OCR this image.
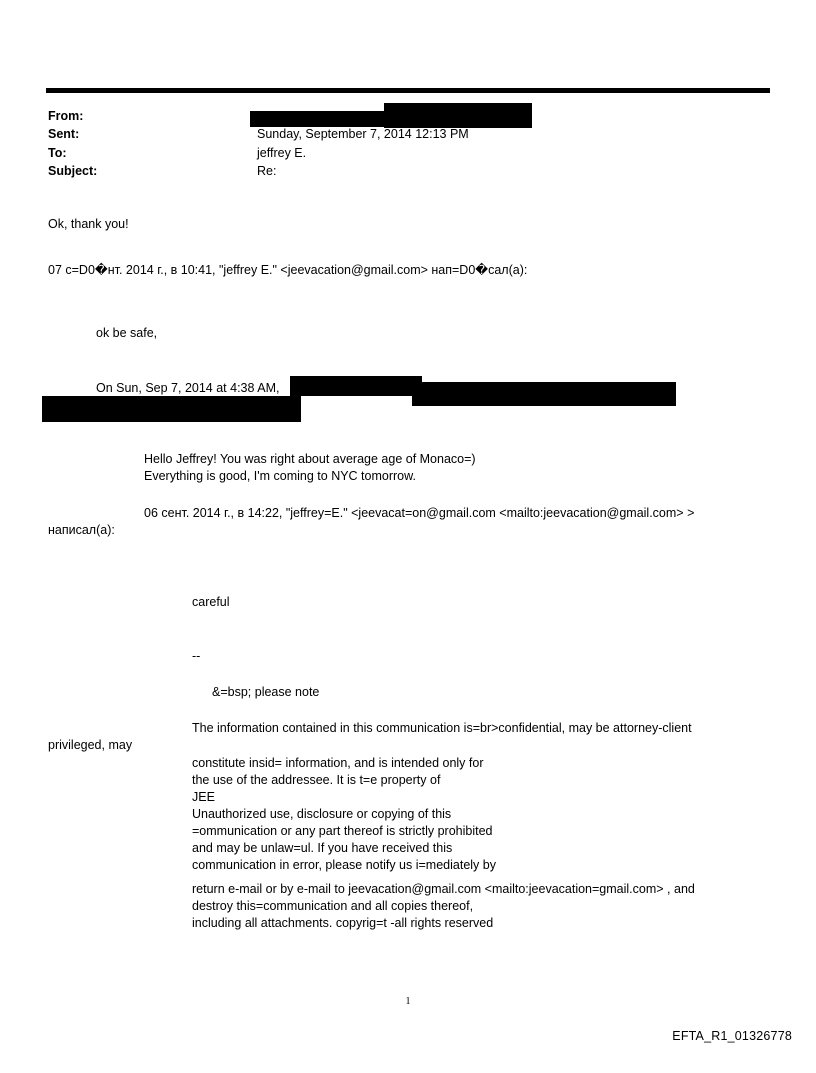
From:
Sent:
To:
Subject:
Sunday, September 7, 2014 12:13 PM
jeffrey E.
Re:
Ok, thank you!
07 c=D0�нт. 2014 г., в 10:41, "jeffrey E." <jeevacation@gmail.com> нап=D0�сал(а):
ok be safe,
On Sun, Sep 7, 2014 at 4:38 AM,
Hello Jeffrey! You was right about average age of Monaco=)
Everything is good, I'm coming to NYC tomorrow.
06 сент. 2014 г., в 14:22, "jeffrey=E." <jeevacat=on@gmail.com <mailto:jeevacation@gmail.com> >
написал(а):
careful
--
&=bsp; please note
The information contained in this communication is=br>confidential, may be attorney-client
privileged, may
constitute insid= information, and is intended only for
the use of the addressee. It is t=e property of
JEE
Unauthorized use, disclosure or copying of this
=ommunication or any part thereof is strictly prohibited
and may be unlaw=ul. If you have received this
communication in error, please notify us i=mediately by
return e-mail or by e-mail to jeevacation@gmail.com <mailto:jeevacation=gmail.com> , and
destroy this=communication and all copies thereof,
including all attachments. copyrig=t -all rights reserved
1
EFTA_R1_01326778
